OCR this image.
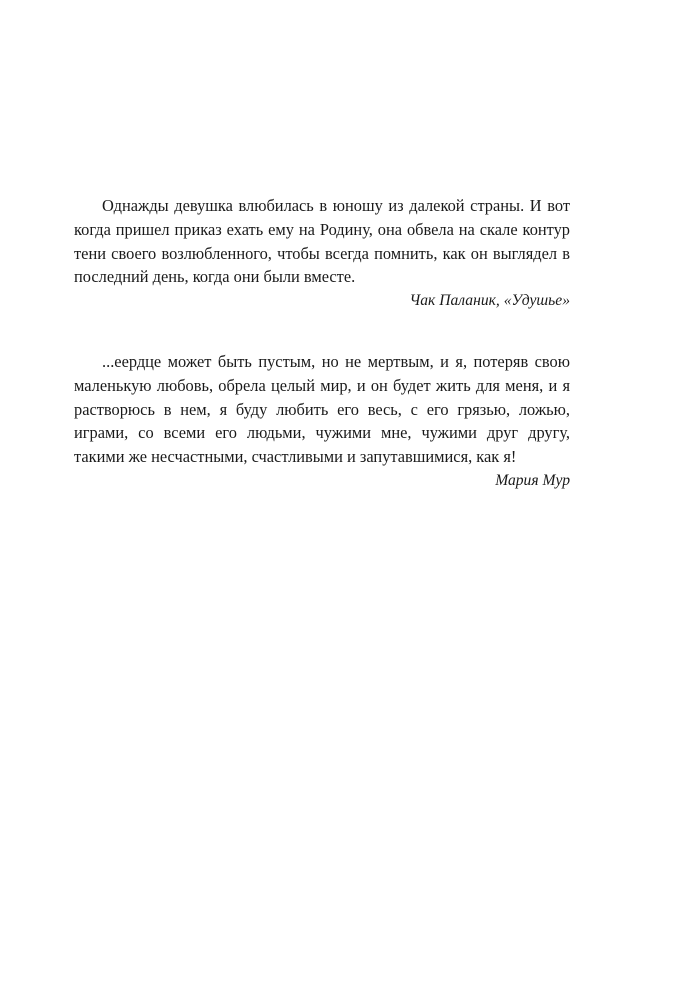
Однажды девушка влюбилась в юношу из далекой страны. И вот когда пришел приказ ехать ему на Родину, она обвела на скале контур тени своего возлюбленного, чтобы всегда помнить, как он выглядел в последний день, когда они были вместе.

Чак Паланик, «Удушье»

...еердце может быть пустым, но не мертвым, и я, потеряв свою маленькую любовь, обрела целый мир, и он будет жить для меня, и я растворюсь в нем, я буду любить его весь, с его грязью, ложью, играми, со всеми его людьми, чужими мне, чужими друг другу, такими же несчастными, счастливыми и запутавшимися, как я!

Мария Мур
